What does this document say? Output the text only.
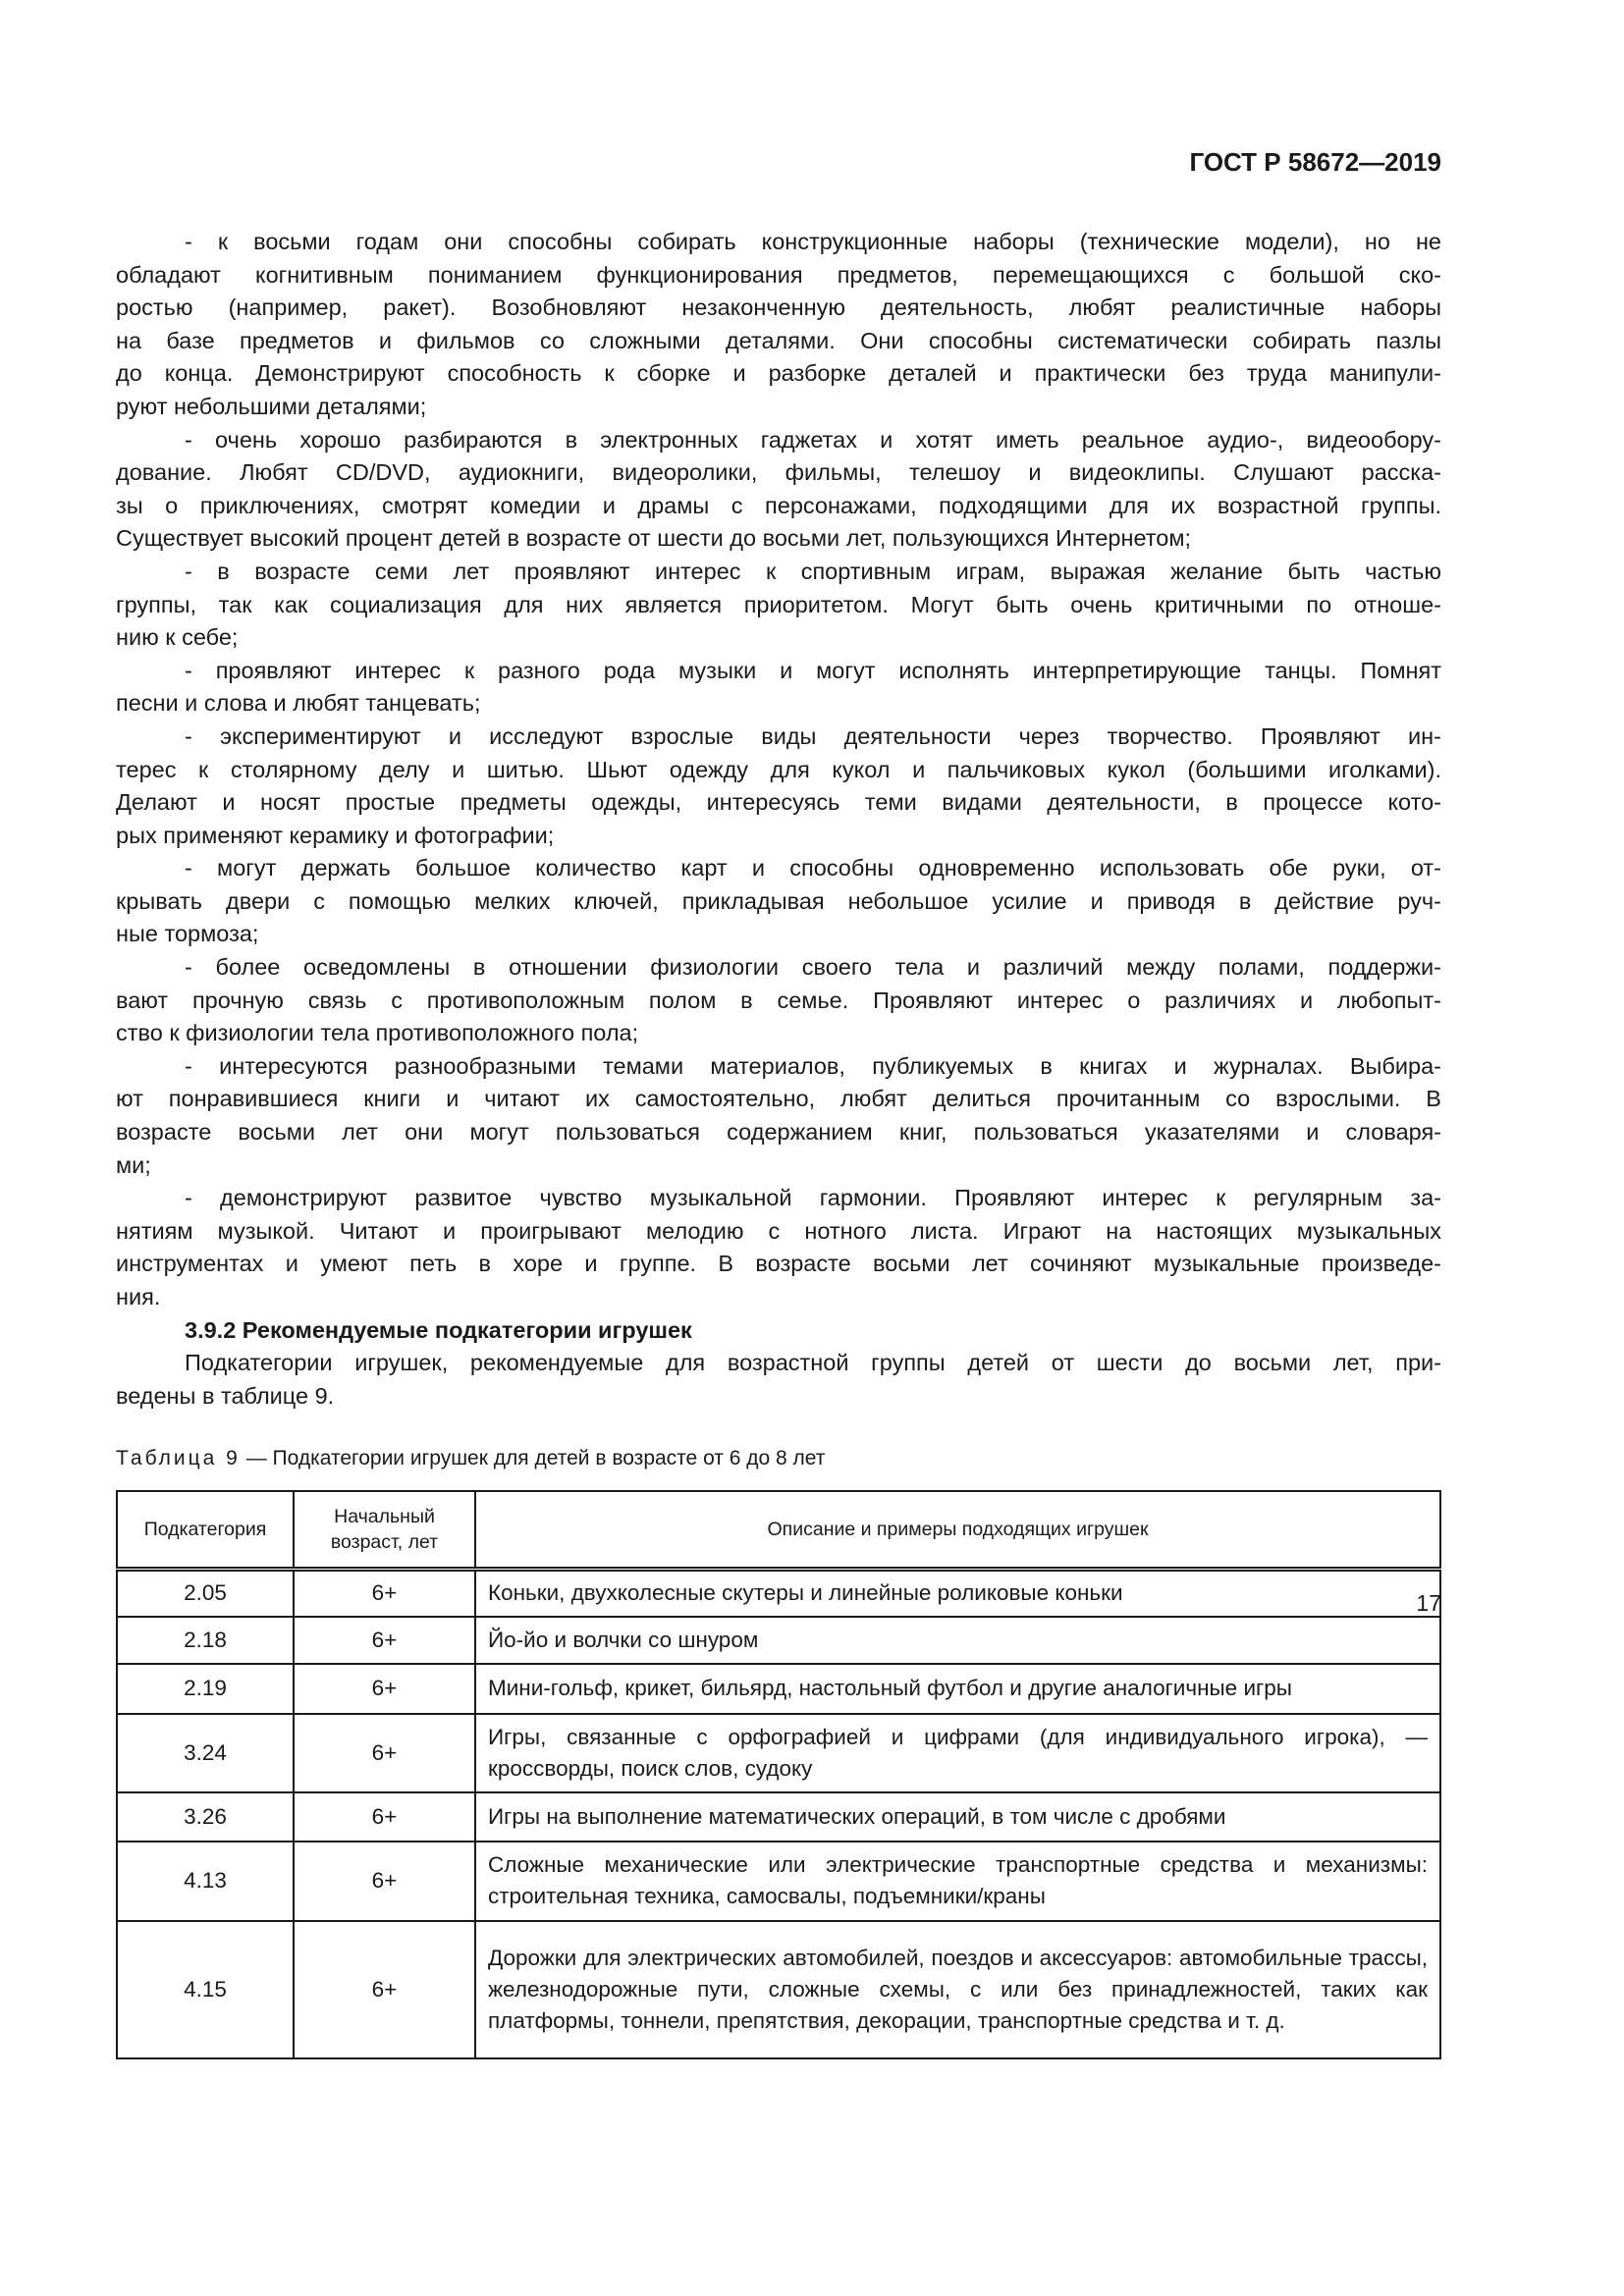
ГОСТ Р 58672—2019
- к восьми годам они способны собирать конструкционные наборы (технические модели), но не
обладают когнитивным пониманием функционирования предметов, перемещающихся с большой ско-
ростью (например, ракет). Возобновляют незаконченную деятельность, любят реалистичные наборы
на базе предметов и фильмов со сложными деталями. Они способны систематически собирать пазлы
до конца. Демонстрируют способность к сборке и разборке деталей и практически без труда манипули-
руют небольшими деталями;
- очень хорошо разбираются в электронных гаджетах и хотят иметь реальное аудио-, видеообору-
дование. Любят CD/DVD, аудиокниги, видеоролики, фильмы, телешоу и видеоклипы. Слушают расска-
зы о приключениях, смотрят комедии и драмы с персонажами, подходящими для их возрастной группы.
Существует высокий процент детей в возрасте от шести до восьми лет, пользующихся Интернетом;
- в возрасте семи лет проявляют интерес к спортивным играм, выражая желание быть частью
группы, так как социализация для них является приоритетом. Могут быть очень критичными по отноше-
нию к себе;
- проявляют интерес к разного рода музыки и могут исполнять интерпретирующие танцы. Помнят
песни и слова и любят танцевать;
- экспериментируют и исследуют взрослые виды деятельности через творчество. Проявляют ин-
терес к столярному делу и шитью. Шьют одежду для кукол и пальчиковых кукол (большими иголками).
Делают и носят простые предметы одежды, интересуясь теми видами деятельности, в процессе кото-
рых применяют керамику и фотографии;
- могут держать большое количество карт и способны одновременно использовать обе руки, от-
крывать двери с помощью мелких ключей, прикладывая небольшое усилие и приводя в действие руч-
ные тормоза;
- более осведомлены в отношении физиологии своего тела и различий между полами, поддержи-
вают прочную связь с противоположным полом в семье. Проявляют интерес о различиях и любопыт-
ство к физиологии тела противоположного пола;
- интересуются разнообразными темами материалов, публикуемых в книгах и журналах. Выбира-
ют понравившиеся книги и читают их самостоятельно, любят делиться прочитанным со взрослыми. В
возрасте восьми лет они могут пользоваться содержанием книг, пользоваться указателями и словаря-
ми;
- демонстрируют развитое чувство музыкальной гармонии. Проявляют интерес к регулярным за-
нятиям музыкой. Читают и проигрывают мелодию с нотного листа. Играют на настоящих музыкальных
инструментах и умеют петь в хоре и группе. В возрасте восьми лет сочиняют музыкальные произведе-
ния.
3.9.2 Рекомендуемые подкатегории игрушек
Подкатегории игрушек, рекомендуемые для возрастной группы детей от шести до восьми лет, при-
ведены в таблице 9.
Таблица 9 — Подкатегории игрушек для детей в возрасте от 6 до 8 лет
Подкатегория	Начальный возраст, лет	Описание и примеры подходящих игрушек
2.05	6+	Коньки, двухколесные скутеры и линейные роликовые коньки
2.18	6+	Йо-йо и волчки со шнуром
2.19	6+	Мини-гольф, крикет, бильярд, настольный футбол и другие аналогичные игры
3.24	6+	Игры, связанные с орфографией и цифрами (для индивидуального игрока), — кроссворды, поиск слов, судоку
3.26	6+	Игры на выполнение математических операций, в том числе с дробями
4.13	6+	Сложные механические или электрические транспортные средства и механизмы: строительная техника, самосвалы, подъемники/краны
4.15	6+	Дорожки для электрических автомобилей, поездов и аксессуаров: автомобильные трассы, железнодорожные пути, сложные схемы, с или без принадлежностей, таких как платформы, тоннели, препятствия, декорации, транспортные средства и т. д.
17
